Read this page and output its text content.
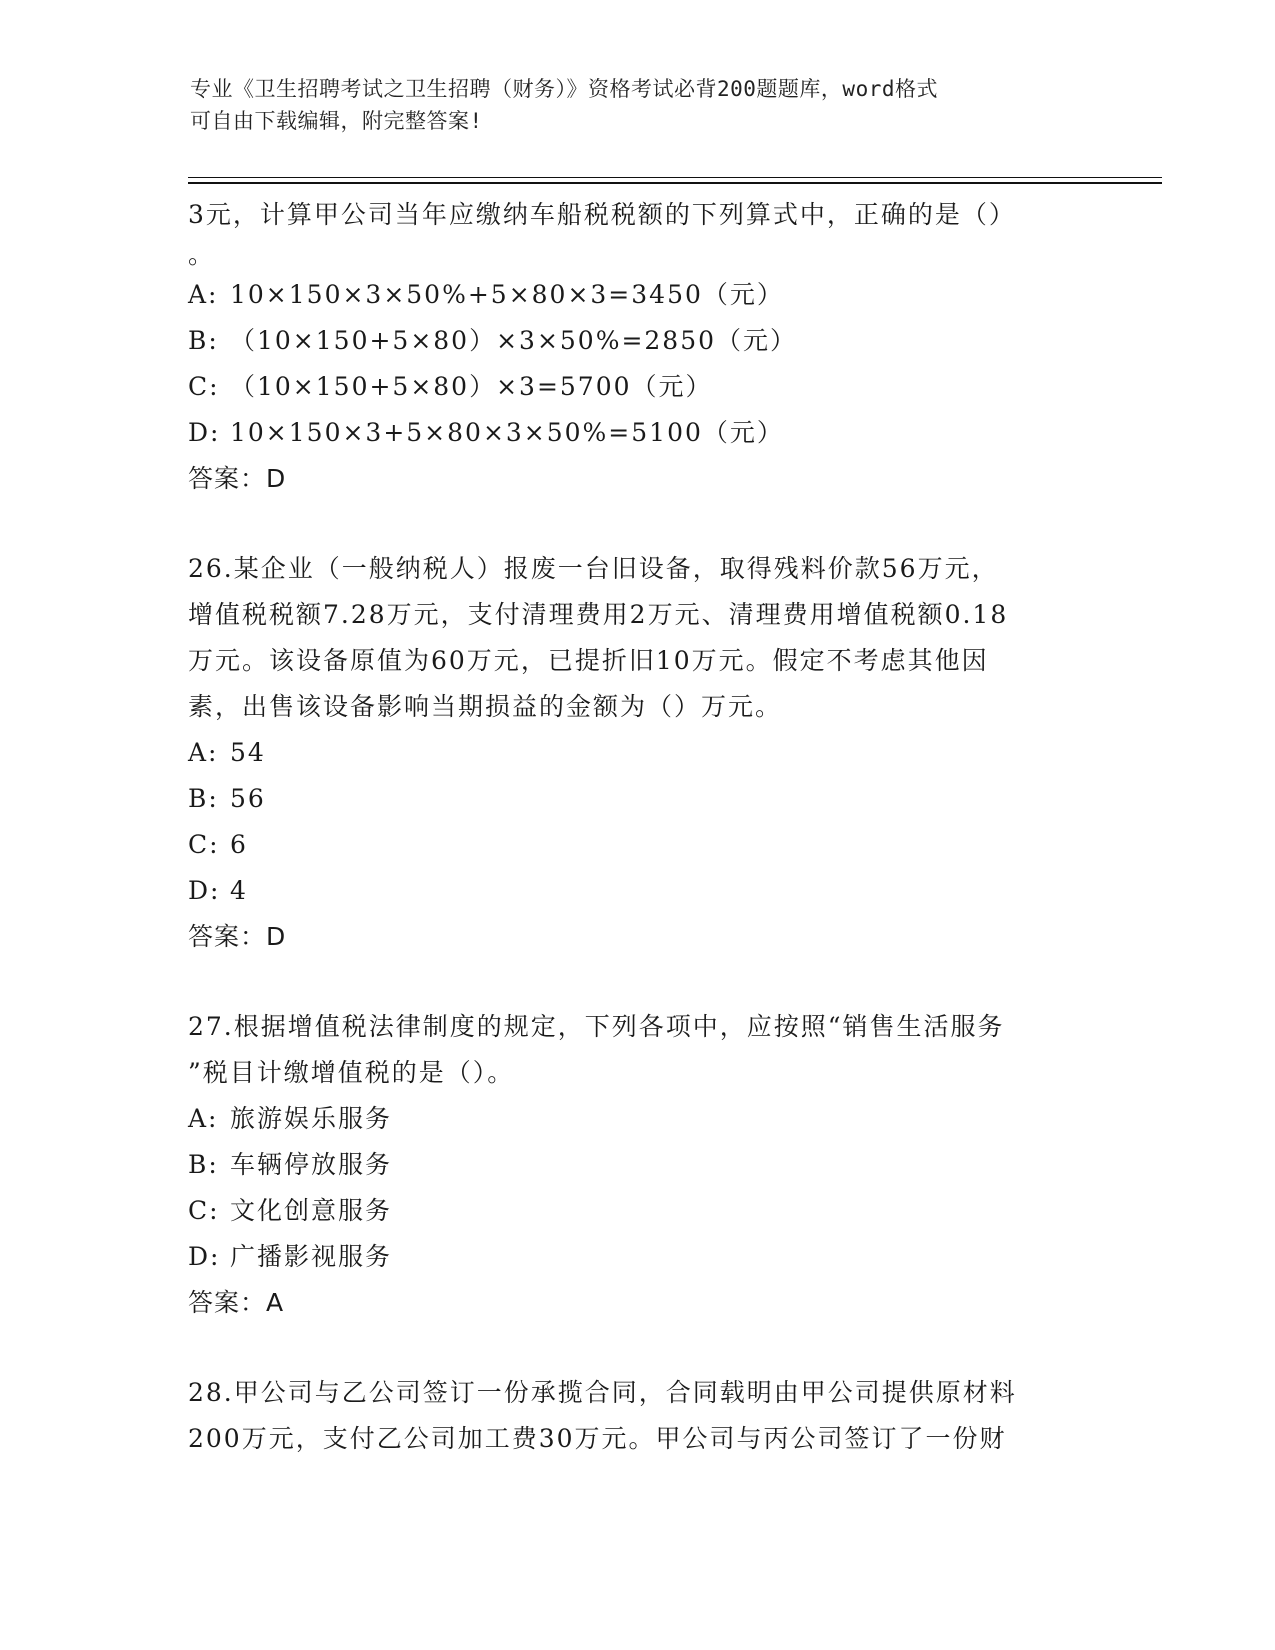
专业《卫生招聘考试之卫生招聘（财务）》资格考试必背200题题库，word格式
可自由下载编辑，附完整答案!
3元，计算甲公司当年应缴纳车船税税额的下列算式中，正确的是（）
。
A: 10×150×3×50%+5×80×3=3450（元）
B: （10×150+5×80）×3×50%=2850（元）
C: （10×150+5×80）×3=5700（元）
D: 10×150×3+5×80×3×50%=5100（元）
答案：D
26.某企业（一般纳税人）报废一台旧设备，取得残料价款56万元，
增值税税额7.28万元，支付清理费用2万元、清理费用增值税额0.18
万元。该设备原值为60万元，已提折旧10万元。假定不考虑其他因
素，出售该设备影响当期损益的金额为（）万元。
A: 54
B: 56
C: 6
D: 4
答案：D
27.根据增值税法律制度的规定，下列各项中，应按照“销售生活服务
”税目计缴增值税的是（）。
A: 旅游娱乐服务
B: 车辆停放服务
C: 文化创意服务
D: 广播影视服务
答案：A
28.甲公司与乙公司签订一份承揽合同，合同载明由甲公司提供原材料
200万元，支付乙公司加工费30万元。甲公司与丙公司签订了一份财
